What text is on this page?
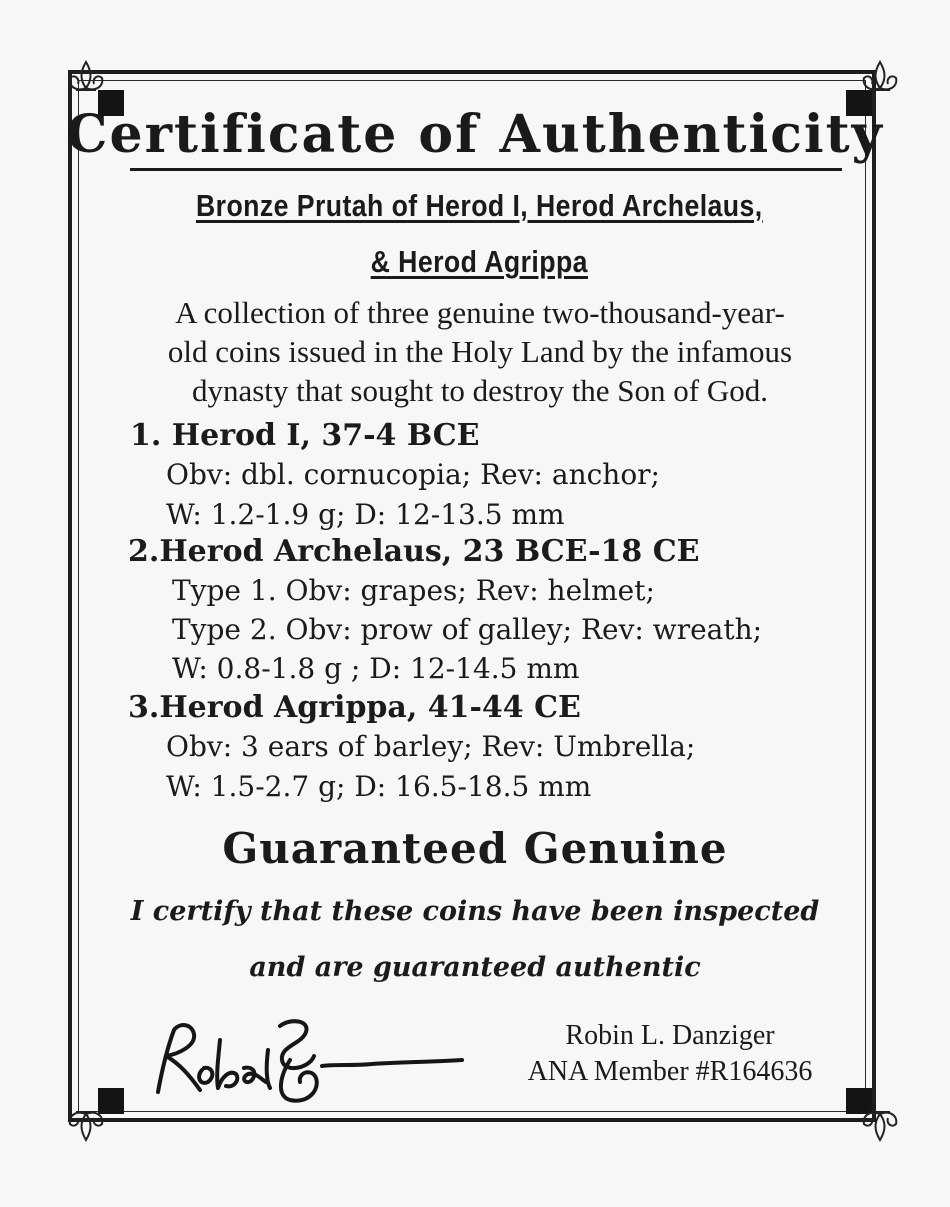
Certificate of Authenticity
Bronze Prutah of Herod I, Herod Archelaus,
& Herod Agrippa
A collection of three genuine two-thousand-year-
old coins issued in the Holy Land by the infamous
dynasty that sought to destroy the Son of God.
1. Herod I, 37-4 BCE
Obv: dbl. cornucopia; Rev: anchor;
W: 1.2-1.9 g; D: 12-13.5 mm
2.Herod Archelaus, 23 BCE-18 CE
Type 1. Obv: grapes; Rev: helmet;
Type 2. Obv: prow of galley; Rev: wreath;
W: 0.8-1.8 g ; D: 12-14.5 mm
3.Herod Agrippa, 41-44 CE
Obv: 3 ears of barley; Rev: Umbrella;
W: 1.5-2.7 g; D: 16.5-18.5 mm
Guaranteed Genuine
I certify that these coins have been inspected
and are guaranteed authentic
Robin L. Danziger
ANA Member #R164636
